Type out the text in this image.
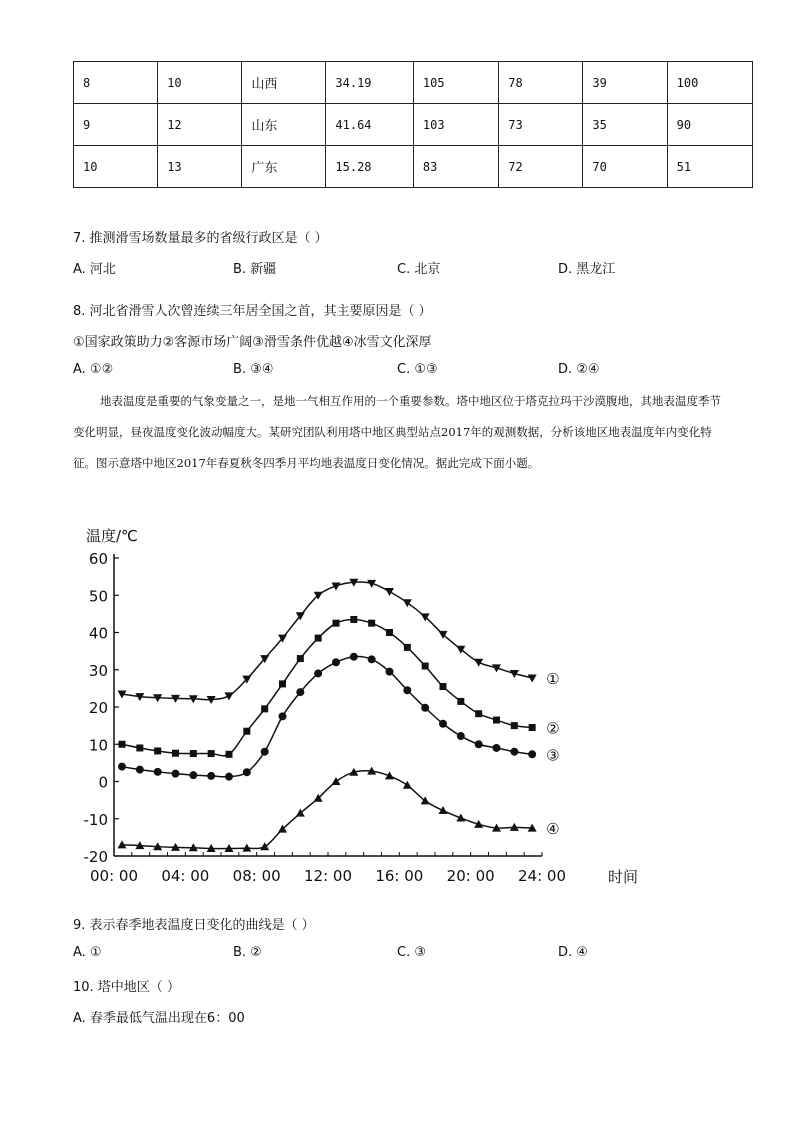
8	10	山西	34.19	105	78	39	100
9	12	山东	41.64	103	73	35	90
10	13	广东	15.28	83	72	70	51
7. 推测滑雪场数量最多的省级行政区是（ ）
A. 河北	B. 新疆	C. 北京	D. 黑龙江
8. 河北省滑雪人次曾连续三年居全国之首，其主要原因是（ ）
①国家政策助力②客源市场广阔③滑雪条件优越④冰雪文化深厚
A. ①②	B. ③④	C. ①③	D. ②④
地表温度是重要的气象变量之一，是地一气相互作用的一个重要参数。塔中地区位于塔克拉玛干沙漠腹地，其地表温度季节变化明显，昼夜温度变化波动幅度大。某研究团队利用塔中地区典型站点2017年的观测数据，分析该地区地表温度年内变化特征。图示意塔中地区2017年春夏秋冬四季月平均地表温度日变化情况。据此完成下面小题。
温度/℃
60
50
40
30
20
10
0
-10
-20
00: 00 04: 00 08: 00 12: 00 16: 00 20: 00 24: 00	时间
①
②
③
④
9. 表示春季地表温度日变化的曲线是（ ）
A. ①	B. ②	C. ③	D. ④
10. 塔中地区（ ）
A. 春季最低气温出现在6：00
